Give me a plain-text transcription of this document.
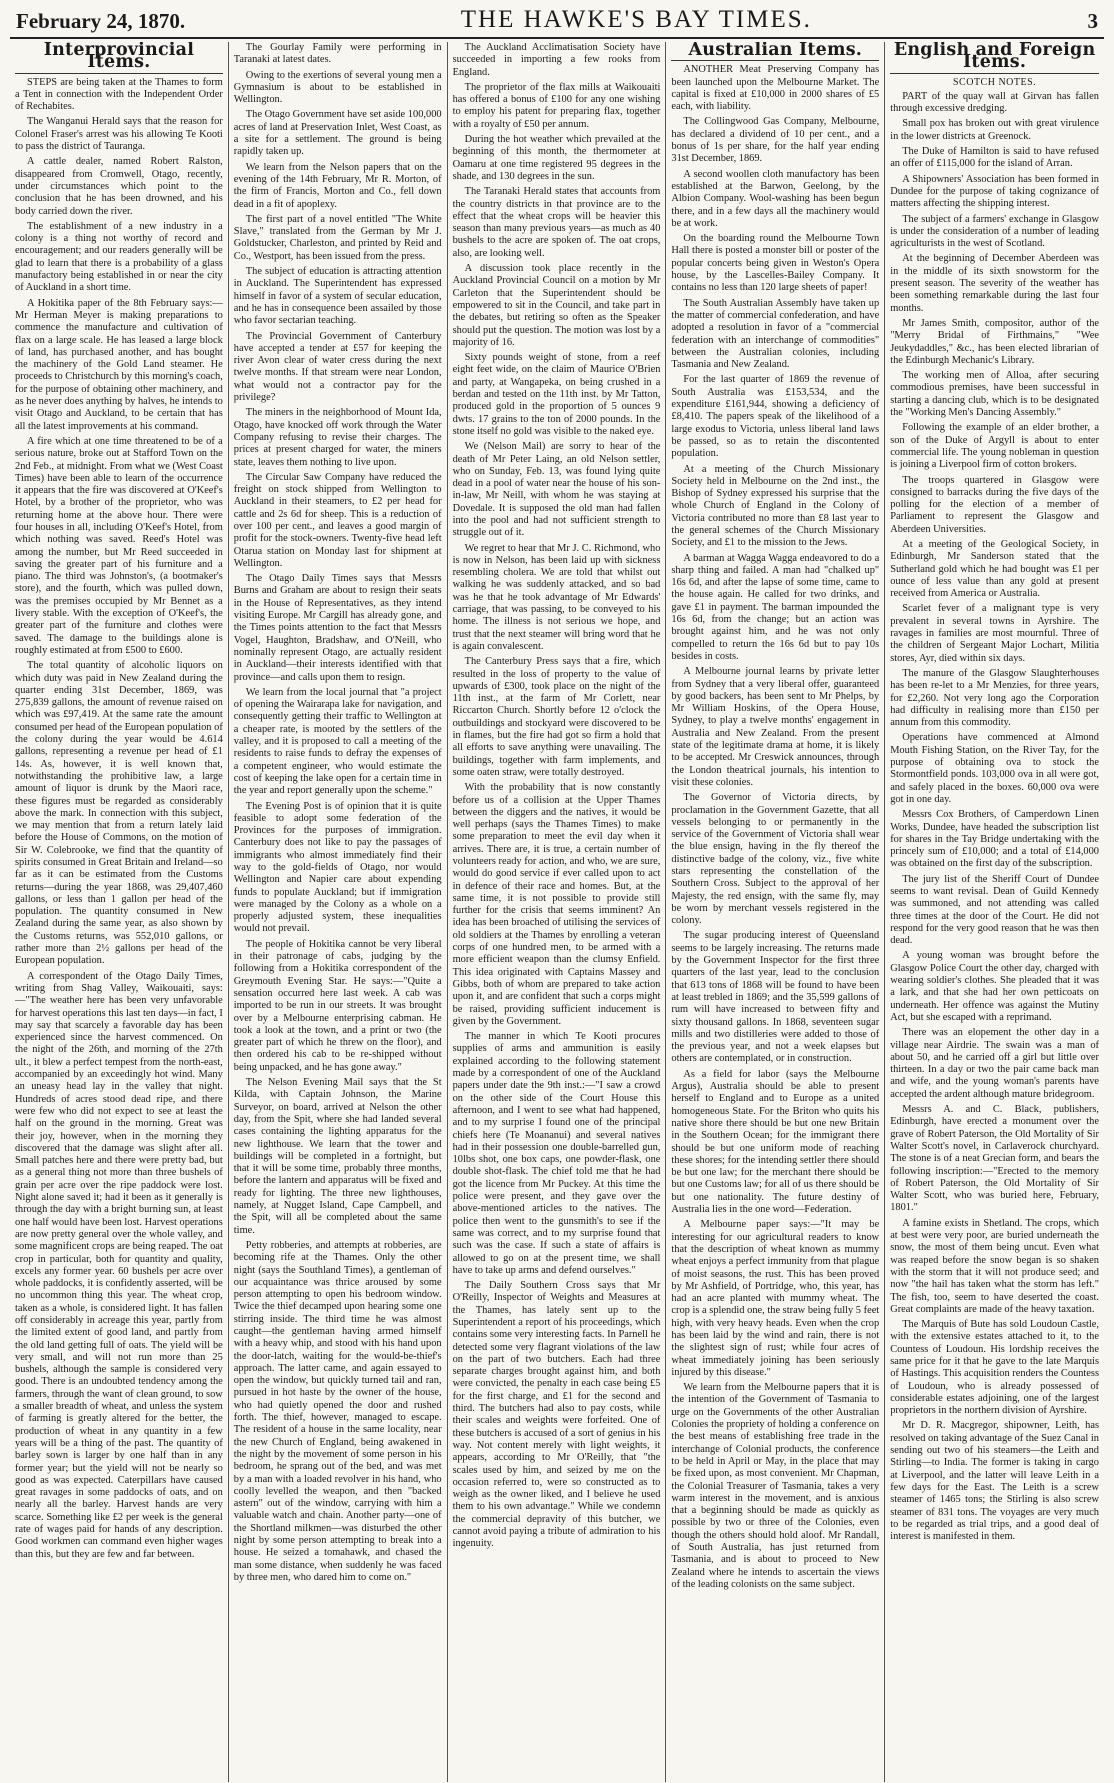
February 24, 1870.	THE HAWKE'S BAY TIMES.	3
Interprovincial Items.

STEPS are being taken at the Thames to form a Tent in connection with the Independent Order of Rechabites.

The Wanganui Herald says that the reason for Colonel Fraser's arrest was his allowing Te Kooti to pass the district of Tauranga.

A cattle dealer, named Robert Ralston, disappeared from Cromwell, Otago, recently, under circumstances which point to the conclusion that he has been drowned, and his body carried down the river.

The establishment of a new industry in a colony is a thing not worthy of record and encouragement; and our readers generally will be glad to learn that there is a probability of a glass manufactory being established in or near the city of Auckland in a short time.

A Hokitika paper of the 8th February says:—Mr Herman Meyer is making preparations to commence the manufacture and cultivation of flax on a large scale. He has leased a large block of land, has purchased another, and has bought the machinery of the Gold Land steamer. He proceeds to Christchurch by this morning's coach, for the purpose of obtaining other machinery, and as he never does anything by halves, he intends to visit Otago and Auckland, to be certain that has all the latest improvements at his command.

A fire which at one time threatened to be of a serious nature, broke out at Stafford Town on the 2nd Feb., at midnight. From what we (West Coast Times) have been able to learn of the occurrence it appears that the fire was discovered at O'Keef's Hotel, by a brother of the proprietor, who was returning home at the above hour. There were four houses in all, including O'Keef's Hotel, from which nothing was saved. Reed's Hotel was among the number, but Mr Reed succeeded in saving the greater part of his furniture and a piano. The third was Johnston's, (a bootmaker's store), and the fourth, which was pulled down, was the premises occupied by Mr Bennet as a livery stable. With the exception of O'Keef's, the greater part of the furniture and clothes were saved. The damage to the buildings alone is roughly estimated at from £500 to £600.

The total quantity of alcoholic liquors on which duty was paid in New Zealand during the quarter ending 31st December, 1869, was 275,839 gallons, the amount of revenue raised on which was £97,419. At the same rate the amount consumed per head of the European population of the colony during the year would be 4.614 gallons, representing a revenue per head of £1 14s. As, however, it is well known that, notwithstanding the prohibitive law, a large amount of liquor is drunk by the Maori race, these figures must be regarded as considerably above the mark. In connection with this subject, we may mention that from a return lately laid before the House of Commons, on the motion of Sir W. Colebrooke, we find that the quantity of spirits consumed in Great Britain and Ireland—so far as it can be estimated from the Customs returns—during the year 1868, was 29,407,460 gallons, or less than 1 gallon per head of the population. The quantity consumed in New Zealand during the same year, as also shown by the Customs returns, was 552,010 gallons, or rather more than 2½ gallons per head of the European population.

A correspondent of the Otago Daily Times, writing from Shag Valley, Waikouaiti, says:—"The weather here has been very unfavorable for harvest operations this last ten days—in fact, I may say that scarcely a favorable day has been experienced since the harvest commenced. On the night of the 26th, and morning of the 27th ult., it blew a perfect tempest from the north-east, accompanied by an exceedingly hot wind. Many an uneasy head lay in the valley that night. Hundreds of acres stood dead ripe, and there were few who did not expect to see at least the half on the ground in the morning. Great was their joy, however, when in the morning they discovered that the damage was slight after all. Small patches here and there were pretty bad, but as a general thing not more than three bushels of grain per acre over the ripe paddock were lost. Night alone saved it; had it been as it generally is through the day with a bright burning sun, at least one half would have been lost. Harvest operations are now pretty general over the whole valley, and some magnificent crops are being reaped. The oat crop in particular, both for quantity and quality, excels any former year. 60 bushels per acre over whole paddocks, it is confidently asserted, will be no uncommon thing this year. The wheat crop, taken as a whole, is considered light. It has fallen off considerably in acreage this year, partly from the limited extent of good land, and partly from the old land getting full of oats. The yield will be very small, and will not run more than 25 bushels, although the sample is considered very good. There is an undoubted tendency among the farmers, through the want of clean ground, to sow a smaller breadth of wheat, and unless the system of farming is greatly altered for the better, the production of wheat in any quantity in a few years will be a thing of the past. The quantity of barley sown is larger by one half than in any former year; but the yield will not be nearly so good as was expected. Caterpillars have caused great ravages in some paddocks of oats, and on nearly all the barley. Harvest hands are very scarce. Something like £2 per week is the general rate of wages paid for hands of any description. Good workmen can command even higher wages than this, but they are few and far between.

The Gourlay Family were performing in Taranaki at latest dates.

Owing to the exertions of several young men a Gymnasium is about to be established in Wellington.

The Otago Government have set aside 100,000 acres of land at Preservation Inlet, West Coast, as a site for a settlement. The ground is being rapidly taken up.

We learn from the Nelson papers that on the evening of the 14th February, Mr R. Morton, of the firm of Francis, Morton and Co., fell down dead in a fit of apoplexy.

The first part of a novel entitled "The White Slave," translated from the German by Mr J. Goldstucker, Charleston, and printed by Reid and Co., Westport, has been issued from the press.

The subject of education is attracting attention in Auckland. The Superintendent has expressed himself in favor of a system of secular education, and he has in consequence been assailed by those who favor sectarian teaching.

The Provincial Government of Canterbury have accepted a tender at £57 for keeping the river Avon clear of water cress during the next twelve months. If that stream were near London, what would not a contractor pay for the privilege?

The miners in the neighborhood of Mount Ida, Otago, have knocked off work through the Water Company refusing to revise their charges. The prices at present charged for water, the miners state, leaves them nothing to live upon.

The Circular Saw Company have reduced the freight on stock shipped from Wellington to Auckland in their steamers, to £2 per head for cattle and 2s 6d for sheep. This is a reduction of over 100 per cent., and leaves a good margin of profit for the stock-owners. Twenty-five head left Otarua station on Monday last for shipment at Wellington.

The Otago Daily Times says that Messrs Burns and Graham are about to resign their seats in the House of Representatives, as they intend visiting Europe. Mr Cargill has already gone, and the Times points attention to the fact that Messrs Vogel, Haughton, Bradshaw, and O'Neill, who nominally represent Otago, are actually resident in Auckland—their interests identified with that province—and calls upon them to resign.

We learn from the local journal that "a project of opening the Wairarapa lake for navigation, and consequently getting their traffic to Wellington at a cheaper rate, is mooted by the settlers of the valley, and it is proposed to call a meeting of the residents to raise funds to defray the expenses of a competent engineer, who would estimate the cost of keeping the lake open for a certain time in the year and report generally upon the scheme."

The Evening Post is of opinion that it is quite feasible to adopt some federation of the Provinces for the purposes of immigration. Canterbury does not like to pay the passages of immigrants who almost immediately find their way to the gold-fields of Otago, nor would Wellington and Napier care about expending funds to populate Auckland; but if immigration were managed by the Colony as a whole on a properly adjusted system, these inequalities would not prevail.

The people of Hokitika cannot be very liberal in their patronage of cabs, judging by the following from a Hokitika correspondent of the Greymouth Evening Star. He says:—"Quite a sensation occurred here last week. A cab was imported to be run in our streets. It was brought over by a Melbourne enterprising cabman. He took a look at the town, and a print or two (the greater part of which he threw on the floor), and then ordered his cab to be re-shipped without being unpacked, and he has gone away."

The Nelson Evening Mail says that the St Kilda, with Captain Johnson, the Marine Surveyor, on board, arrived at Nelson the other day, from the Spit, where she had landed several cases containing the lighting apparatus for the new lighthouse. We learn that the tower and buildings will be completed in a fortnight, but that it will be some time, probably three months, before the lantern and apparatus will be fixed and ready for lighting. The three new lighthouses, namely, at Nugget Island, Cape Campbell, and the Spit, will all be completed about the same time.

Petty robberies, and attempts at robberies, are becoming rife at the Thames. Only the other night (says the Southland Times), a gentleman of our acquaintance was thrice aroused by some person attempting to open his bedroom window. Twice the thief decamped upon hearing some one stirring inside. The third time he was almost caught—the gentleman having armed himself with a heavy whip, and stood with his hand upon the door-latch, waiting for the would-be-thief's approach. The latter came, and again essayed to open the window, but quickly turned tail and ran, pursued in hot haste by the owner of the house, who had quietly opened the door and rushed forth. The thief, however, managed to escape. The resident of a house in the same locality, near the new Church of England, being awakened in the night by the movement of some person in his bedroom, he sprang out of the bed, and was met by a man with a loaded revolver in his hand, who coolly levelled the weapon, and then "backed astern" out of the window, carrying with him a valuable watch and chain. Another party—one of the Shortland milkmen—was disturbed the other night by some person attempting to break into a house. He seized a tomahawk, and chased the man some distance, when suddenly he was faced by three men, who dared him to come on."

The Auckland Acclimatisation Society have succeeded in importing a few rooks from England.

The proprietor of the flax mills at Waikouaiti has offered a bonus of £100 for any one wishing to employ his patent for preparing flax, together with a royalty of £50 per annum.

During the hot weather which prevailed at the beginning of this month, the thermometer at Oamaru at one time registered 95 degrees in the shade, and 130 degrees in the sun.

The Taranaki Herald states that accounts from the country districts in that province are to the effect that the wheat crops will be heavier this season than many previous years—as much as 40 bushels to the acre are spoken of. The oat crops, also, are looking well.

A discussion took place recently in the Auckland Provincial Council on a motion by Mr Carleton that the Superintendent should be empowered to sit in the Council, and take part in the debates, but retiring so often as the Speaker should put the question. The motion was lost by a majority of 16.

Sixty pounds weight of stone, from a reef eight feet wide, on the claim of Maurice O'Brien and party, at Wangapeka, on being crushed in a berdan and tested on the 11th inst. by Mr Tatton, produced gold in the proportion of 5 ounces 9 dwts. 17 grains to the ton of 2000 pounds. In the stone itself no gold was visible to the naked eye.

We (Nelson Mail) are sorry to hear of the death of Mr Peter Laing, an old Nelson settler, who on Sunday, Feb. 13, was found lying quite dead in a pool of water near the house of his son-in-law, Mr Neill, with whom he was staying at Dovedale. It is supposed the old man had fallen into the pool and had not sufficient strength to struggle out of it.

We regret to hear that Mr J. C. Richmond, who is now in Nelson, has been laid up with sickness resembling cholera. We are told that whilst out walking he was suddenly attacked, and so bad was he that he took advantage of Mr Edwards' carriage, that was passing, to be conveyed to his home. The illness is not serious we hope, and trust that the next steamer will bring word that he is again convalescent.

The Canterbury Press says that a fire, which resulted in the loss of property to the value of upwards of £300, took place on the night of the 11th inst., at the farm of Mr Corlett, near Riccarton Church. Shortly before 12 o'clock the outbuildings and stockyard were discovered to be in flames, but the fire had got so firm a hold that all efforts to save anything were unavailing. The buildings, together with farm implements, and some oaten straw, were totally destroyed.

With the probability that is now constantly before us of a collision at the Upper Thames between the diggers and the natives, it would be well perhaps (says the Thames Times) to make some preparation to meet the evil day when it arrives. There are, it is true, a certain number of volunteers ready for action, and who, we are sure, would do good service if ever called upon to act in defence of their race and homes. But, at the same time, it is not possible to provide still further for the crisis that seems imminent? An idea has been broached of utilising the services of old soldiers at the Thames by enrolling a veteran corps of one hundred men, to be armed with a more efficient weapon than the clumsy Enfield. This idea originated with Captains Massey and Gibbs, both of whom are prepared to take action upon it, and are confident that such a corps might be raised, providing sufficient inducement is given by the Government.

The manner in which Te Kooti procures supplies of arms and ammunition is easily explained according to the following statement made by a correspondent of one of the Auckland papers under date the 9th inst.:—"I saw a crowd on the other side of the Court House this afternoon, and I went to see what had happened, and to my surprise I found one of the principal chiefs here (Te Moananui) and several natives had in their possession one double-barrelled gun, 10lbs shot, one box caps, one powder-flask, one double shot-flask. The chief told me that he had got the licence from Mr Puckey. At this time the police were present, and they gave over the above-mentioned articles to the natives. The police then went to the gunsmith's to see if the same was correct, and to my surprise found that such was the case. If such a state of affairs is allowed to go on at the present time, we shall have to take up arms and defend ourselves."

The Daily Southern Cross says that Mr O'Reilly, Inspector of Weights and Measures at the Thames, has lately sent up to the Superintendent a report of his proceedings, which contains some very interesting facts. In Parnell he detected some very flagrant violations of the law on the part of two butchers. Each had three separate charges brought against him, and both were convicted, the penalty in each case being £5 for the first charge, and £1 for the second and third. The butchers had also to pay costs, while their scales and weights were forfeited. One of these butchers is accused of a sort of genius in his way. Not content merely with light weights, it appears, according to Mr O'Reilly, that "the scales used by him, and seized by me on the occasion referred to, were so constructed as to weigh as the owner liked, and I believe he used them to his own advantage." While we condemn the commercial depravity of this butcher, we cannot avoid paying a tribute of admiration to his ingenuity.

Australian Items.

ANOTHER Meat Preserving Company has been launched upon the Melbourne Market. The capital is fixed at £10,000 in 2000 shares of £5 each, with liability.

The Collingwood Gas Company, Melbourne, has declared a dividend of 10 per cent., and a bonus of 1s per share, for the half year ending 31st December, 1869.

A second woollen cloth manufactory has been established at the Barwon, Geelong, by the Albion Company. Wool-washing has been begun there, and in a few days all the machinery would be at work.

On the boarding round the Melbourne Town Hall there is posted a monster bill or poster of the popular concerts being given in Weston's Opera house, by the Lascelles-Bailey Company. It contains no less than 120 large sheets of paper!

The South Australian Assembly have taken up the matter of commercial confederation, and have adopted a resolution in favor of a "commercial federation with an interchange of commodities" between the Australian colonies, including Tasmania and New Zealand.

For the last quarter of 1869 the revenue of South Australia was £153,534, and the expenditure £161,944, showing a deficiency of £8,410. The papers speak of the likelihood of a large exodus to Victoria, unless liberal land laws be passed, so as to retain the discontented population.

At a meeting of the Church Missionary Society held in Melbourne on the 2nd inst., the Bishop of Sydney expressed his surprise that the whole Church of England in the Colony of Victoria contributed no more than £8 last year to the general schemes of the Church Missionary Society, and £1 to the mission to the Jews.

A barman at Wagga Wagga endeavored to do a sharp thing and failed. A man had "chalked up" 16s 6d, and after the lapse of some time, came to the house again. He called for two drinks, and gave £1 in payment. The barman impounded the 16s 6d, from the change; but an action was brought against him, and he was not only compelled to return the 16s 6d but to pay 10s besides in costs.

A Melbourne journal learns by private letter from Sydney that a very liberal offer, guaranteed by good backers, has been sent to Mr Phelps, by Mr William Hoskins, of the Opera House, Sydney, to play a twelve months' engagement in Australia and New Zealand. From the present state of the legitimate drama at home, it is likely to be accepted. Mr Creswick announces, through the London theatrical journals, his intention to visit these colonies.

The Governor of Victoria directs, by proclamation in the Government Gazette, that all vessels belonging to or permanently in the service of the Government of Victoria shall wear the blue ensign, having in the fly thereof the distinctive badge of the colony, viz., five white stars representing the constellation of the Southern Cross. Subject to the approval of her Majesty, the red ensign, with the same fly, may be worn by merchant vessels registered in the colony.

The sugar producing interest of Queensland seems to be largely increasing. The returns made by the Government Inspector for the first three quarters of the last year, lead to the conclusion that 613 tons of 1868 will be found to have been at least trebled in 1869; and the 35,599 gallons of rum will have increased to between fifty and sixty thousand gallons. In 1868, seventeen sugar mills and two distilleries were added to those of the previous year, and not a week elapses but others are contemplated, or in construction.

As a field for labor (says the Melbourne Argus), Australia should be able to present herself to England and to Europe as a united homogeneous State. For the Briton who quits his native shore there should be but one new Britain in the Southern Ocean; for the immigrant there should be but one uniform mode of reaching these shores; for the intending settler there should be but one law; for the merchant there should be but one Customs law; for all of us there should be but one nationality. The future destiny of Australia lies in the one word—Federation.

A Melbourne paper says:—"It may be interesting for our agricultural readers to know that the description of wheat known as mummy wheat enjoys a perfect immunity from that plague of moist seasons, the rust. This has been proved by Mr Ashfield, of Portridge, who, this year, has had an acre planted with mummy wheat. The crop is a splendid one, the straw being fully 5 feet high, with very heavy heads. Even when the crop has been laid by the wind and rain, there is not the slightest sign of rust; while four acres of wheat immediately joining has been seriously injured by this disease."

We learn from the Melbourne papers that it is the intention of the Government of Tasmania to urge on the Governments of the other Australian Colonies the propriety of holding a conference on the best means of establishing free trade in the interchange of Colonial products, the conference to be held in April or May, in the place that may be fixed upon, as most convenient. Mr Chapman, the Colonial Treasurer of Tasmania, takes a very warm interest in the movement, and is anxious that a beginning should be made as quickly as possible by two or three of the Colonies, even though the others should hold aloof. Mr Randall, of South Australia, has just returned from Tasmania, and is about to proceed to New Zealand where he intends to ascertain the views of the leading colonists on the same subject.

English and Foreign Items.
SCOTCH NOTES.

PART of the quay wall at Girvan has fallen through excessive dredging.

Small pox has broken out with great virulence in the lower districts at Greenock.

The Duke of Hamilton is said to have refused an offer of £115,000 for the island of Arran.

A Shipowners' Association has been formed in Dundee for the purpose of taking cognizance of matters affecting the shipping interest.

The subject of a farmers' exchange in Glasgow is under the consideration of a number of leading agriculturists in the west of Scotland.

At the beginning of December Aberdeen was in the middle of its sixth snowstorm for the present season. The severity of the weather has been something remarkable during the last four months.

Mr James Smith, compositor, author of the "Merry Bridal of Firthmains," "Wee Jeukydaddles," &c., has been elected librarian of the Edinburgh Mechanic's Library.

The working men of Alloa, after securing commodious premises, have been successful in starting a dancing club, which is to be designated the "Working Men's Dancing Assembly."

Following the example of an elder brother, a son of the Duke of Argyll is about to enter commercial life. The young nobleman in question is joining a Liverpool firm of cotton brokers.

The troops quartered in Glasgow were consigned to barracks during the five days of the polling for the election of a member of Parliament to represent the Glasgow and Aberdeen Universities.

At a meeting of the Geological Society, in Edinburgh, Mr Sanderson stated that the Sutherland gold which he had bought was £1 per ounce of less value than any gold at present received from America or Australia.

Scarlet fever of a malignant type is very prevalent in several towns in Ayrshire. The ravages in families are most mournful. Three of the children of Sergeant Major Lochart, Militia stores, Ayr, died within six days.

The manure of the Glasgow Slaughterhouses has been re-let to a Mr Menzies, for three years, for £2,260. Not very long ago the Corporation had difficulty in realising more than £150 per annum from this commodity.

Operations have commenced at Almond Mouth Fishing Station, on the River Tay, for the purpose of obtaining ova to stock the Stormontfield ponds. 103,000 ova in all were got, and safely placed in the boxes. 60,000 ova were got in one day.

Messrs Cox Brothers, of Camperdown Linen Works, Dundee, have headed the subscription list for shares in the Tay Bridge undertaking with the princely sum of £10,000; and a total of £14,000 was obtained on the first day of the subscription.

The jury list of the Sheriff Court of Dundee seems to want revisal. Dean of Guild Kennedy was summoned, and not attending was called three times at the door of the Court. He did not respond for the very good reason that he was then dead.

A young woman was brought before the Glasgow Police Court the other day, charged with wearing soldier's clothes. She pleaded that it was a lark, and that she had her own petticoats on underneath. Her offence was against the Mutiny Act, but she escaped with a reprimand.

There was an elopement the other day in a village near Airdrie. The swain was a man of about 50, and he carried off a girl but little over thirteen. In a day or two the pair came back man and wife, and the young woman's parents have accepted the ardent although mature bridegroom.

Messrs A. and C. Black, publishers, Edinburgh, have erected a monument over the grave of Robert Paterson, the Old Mortality of Sir Walter Scott's novel, in Carlaverock churchyard. The stone is of a neat Grecian form, and bears the following inscription:—"Erected to the memory of Robert Paterson, the Old Mortality of Sir Walter Scott, who was buried here, February, 1801."

A famine exists in Shetland. The crops, which at best were very poor, are buried underneath the snow, the most of them being uncut. Even what was reaped before the snow began is so shaken with the storm that it will not produce seed; and now "the hail has taken what the storm has left." The fish, too, seem to have deserted the coast. Great complaints are made of the heavy taxation.

The Marquis of Bute has sold Loudoun Castle, with the extensive estates attached to it, to the Countess of Loudoun. His lordship receives the same price for it that he gave to the late Marquis of Hastings. This acquisition renders the Countess of Loudoun, who is already possessed of considerable estates adjoining, one of the largest proprietors in the northern division of Ayrshire.

Mr D. R. Macgregor, shipowner, Leith, has resolved on taking advantage of the Suez Canal in sending out two of his steamers—the Leith and Stirling—to India. The former is taking in cargo at Liverpool, and the latter will leave Leith in a few days for the East. The Leith is a screw steamer of 1465 tons; the Stirling is also screw steamer of 831 tons. The voyages are very much to be regarded as trial trips, and a good deal of interest is manifested in them.
